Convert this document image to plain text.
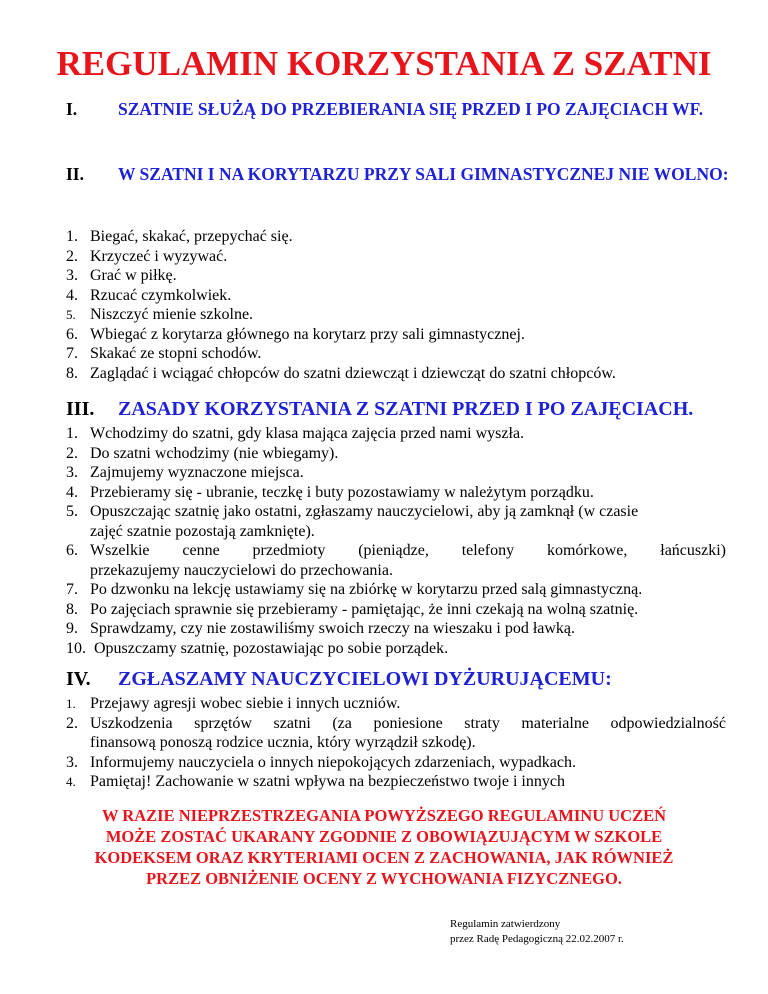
REGULAMIN KORZYSTANIA Z SZATNI
I. SZATNIE SŁUŻĄ DO PRZEBIERANIA SIĘ PRZED I PO ZAJĘCIACH WF.
II. W SZATNI I NA KORYTARZU PRZY SALI GIMNASTYCZNEJ NIE WOLNO:
1. Biegać, skakać, przepychać się.
2. Krzyczeć i wyzywać.
3. Grać w piłkę.
4. Rzucać czymkolwiek.
5. Niszczyć mienie szkolne.
6. Wbiegać z korytarza głównego na korytarz przy sali gimnastycznej.
7. Skakać ze stopni schodów.
8. Zaglądać i wciągać chłopców do szatni dziewcząt i dziewcząt do szatni chłopców.
III. ZASADY KORZYSTANIA Z SZATNI PRZED I PO ZAJĘCIACH.
1. Wchodzimy do szatni, gdy klasa mająca zajęcia przed nami wyszła.
2. Do szatni wchodzimy (nie wbiegamy).
3. Zajmujemy wyznaczone miejsca.
4. Przebieramy się - ubranie, teczkę i buty pozostawiamy w należytym porządku.
5. Opuszczając szatnię jako ostatni, zgłaszamy nauczycielowi, aby ją zamknął (w czasie
zajęć szatnie pozostają zamknięte).
6. Wszelkie cenne przedmioty (pieniądze, telefony komórkowe, łańcuszki)
przekazujemy nauczycielowi do przechowania.
7. Po dzwonku na lekcję ustawiamy się na zbiórkę w korytarzu przed salą gimnastyczną.
8. Po zajęciach sprawnie się przebieramy - pamiętając, że inni czekają na wolną szatnię.
9. Sprawdzamy, czy nie zostawiliśmy swoich rzeczy na wieszaku i pod ławką.
10. Opuszczamy szatnię, pozostawiając po sobie porządek.
IV. ZGŁASZAMY NAUCZYCIELOWI DYŻURUJĄCEMU:
1. Przejawy agresji wobec siebie i innych uczniów.
2. Uszkodzenia sprzętów szatni (za poniesione straty materialne odpowiedzialność
finansową ponoszą rodzice ucznia, który wyrządził szkodę).
3. Informujemy nauczyciela o innych niepokojących zdarzeniach, wypadkach.
4. Pamiętaj! Zachowanie w szatni wpływa na bezpieczeństwo twoje i innych
W RAZIE NIEPRZESTRZEGANIA POWYŻSZEGO REGULAMINU UCZEŃ
MOŻE ZOSTAĆ UKARANY ZGODNIE Z OBOWIĄZUJĄCYM W SZKOLE
KODEKSEM ORAZ KRYTERIAMI OCEN Z ZACHOWANIA, JAK RÓWNIEŻ
PRZEZ OBNIŻENIE OCENY Z WYCHOWANIA FIZYCZNEGO.
Regulamin zatwierdzony
przez Radę Pedagogiczną 22.02.2007 r.
